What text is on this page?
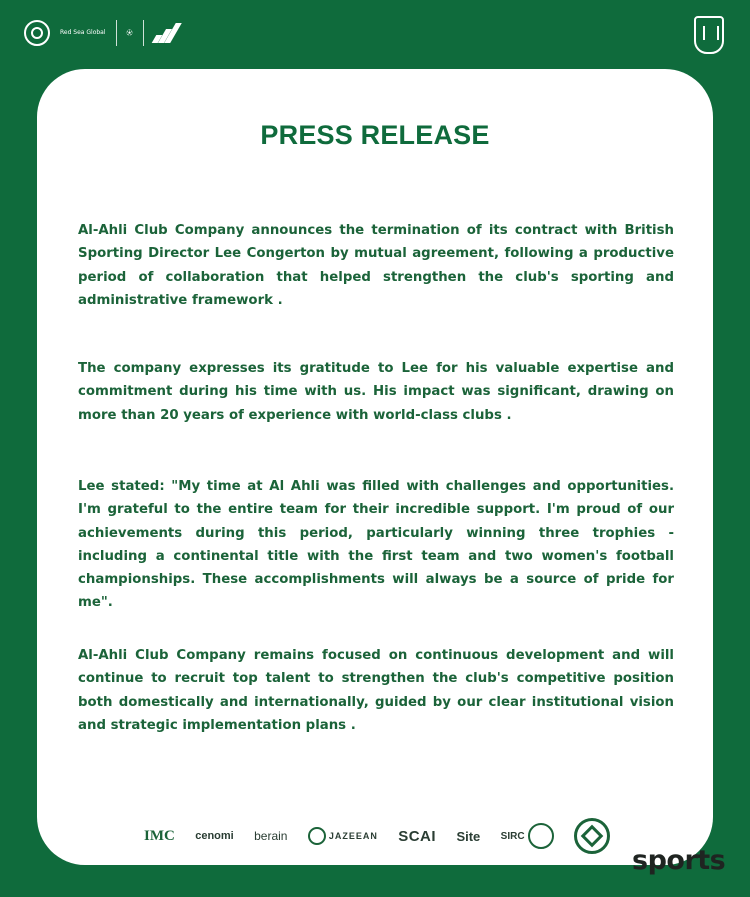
Red Sea Global	⚽︎
PRESS RELEASE

Al-Ahli Club Company announces the termination of its contract with British Sporting Director Lee Congerton by mutual agreement, following a productive period of collaboration that helped strengthen the club's sporting and administrative framework .

The company expresses its gratitude to Lee for his valuable expertise and commitment during his time with us. His impact was significant, drawing on more than 20 years of experience with world-class clubs .

Lee stated: "My time at Al Ahli was filled with challenges and opportunities. I'm grateful to the entire team for their incredible support. I'm proud of our achievements during this period, particularly winning three trophies - including a continental title with the first team and two women's football championships. These accomplishments will always be a source of pride for me".

Al-Ahli Club Company remains focused on continuous development and will continue to recruit top talent to strengthen the club's competitive position both domestically and internationally, guided by our clear institutional vision and strategic implementation plans .

IMC cenomi berain	JAZEEAN SCAI Site SIRC

sports
